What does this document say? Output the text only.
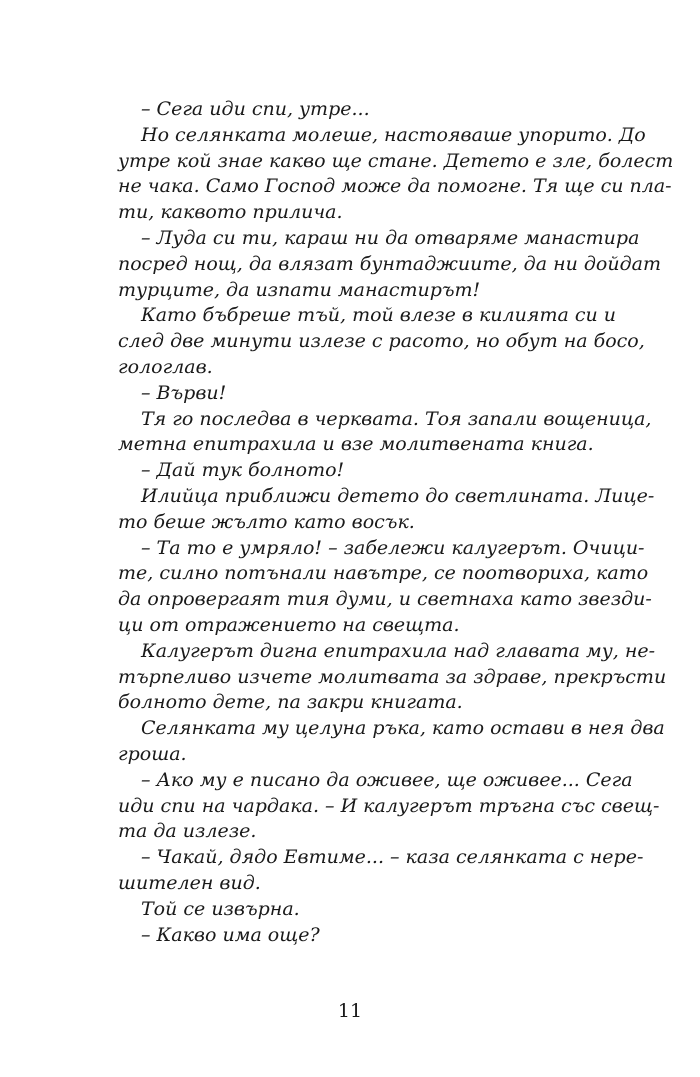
– Сега иди спи, утре...
Но селянката молеше, настояваше упорито. До
утре кой знае какво ще стане. Детето е зле, болест
не чака. Само Господ може да помогне. Тя ще си пла-
ти, каквото прилича.
– Луда си ти, караш ни да отваряме манастира
посред нощ, да влязат бунтаджиите, да ни дойдат
турците, да изпати манастирът!
Като бъбреше тъй, той влезе в килията си и
след две минути излезе с расото, но обут на босо,
гологлав.
– Върви!
Тя го последва в черквата. Тоя запали вощеница,
метна епитрахила и взе молитвената книга.
– Дай тук болното!
Илийца приближи детето до светлината. Лице-
то беше жълто като восък.
– Та то е умряло! – забележи калугерът. Очици-
те, силно потънали навътре, се поотвориха, като
да опровергаят тия думи, и светнаха като звезди-
ци от отражението на свещта.
Калугерът дигна епитрахила над главата му, не-
търпеливо изчете молитвата за здраве, прекръсти
болното дете, па закри книгата.
Селянката му целуна ръка, като остави в нея два
гроша.
– Ако му е писано да оживее, ще оживее... Сега
иди спи на чардака. – И калугерът тръгна със свещ-
та да излезе.
– Чакай, дядо Евтиме... – каза селянката с нере-
шителен вид.
Той се извърна.
– Какво има още?
11
